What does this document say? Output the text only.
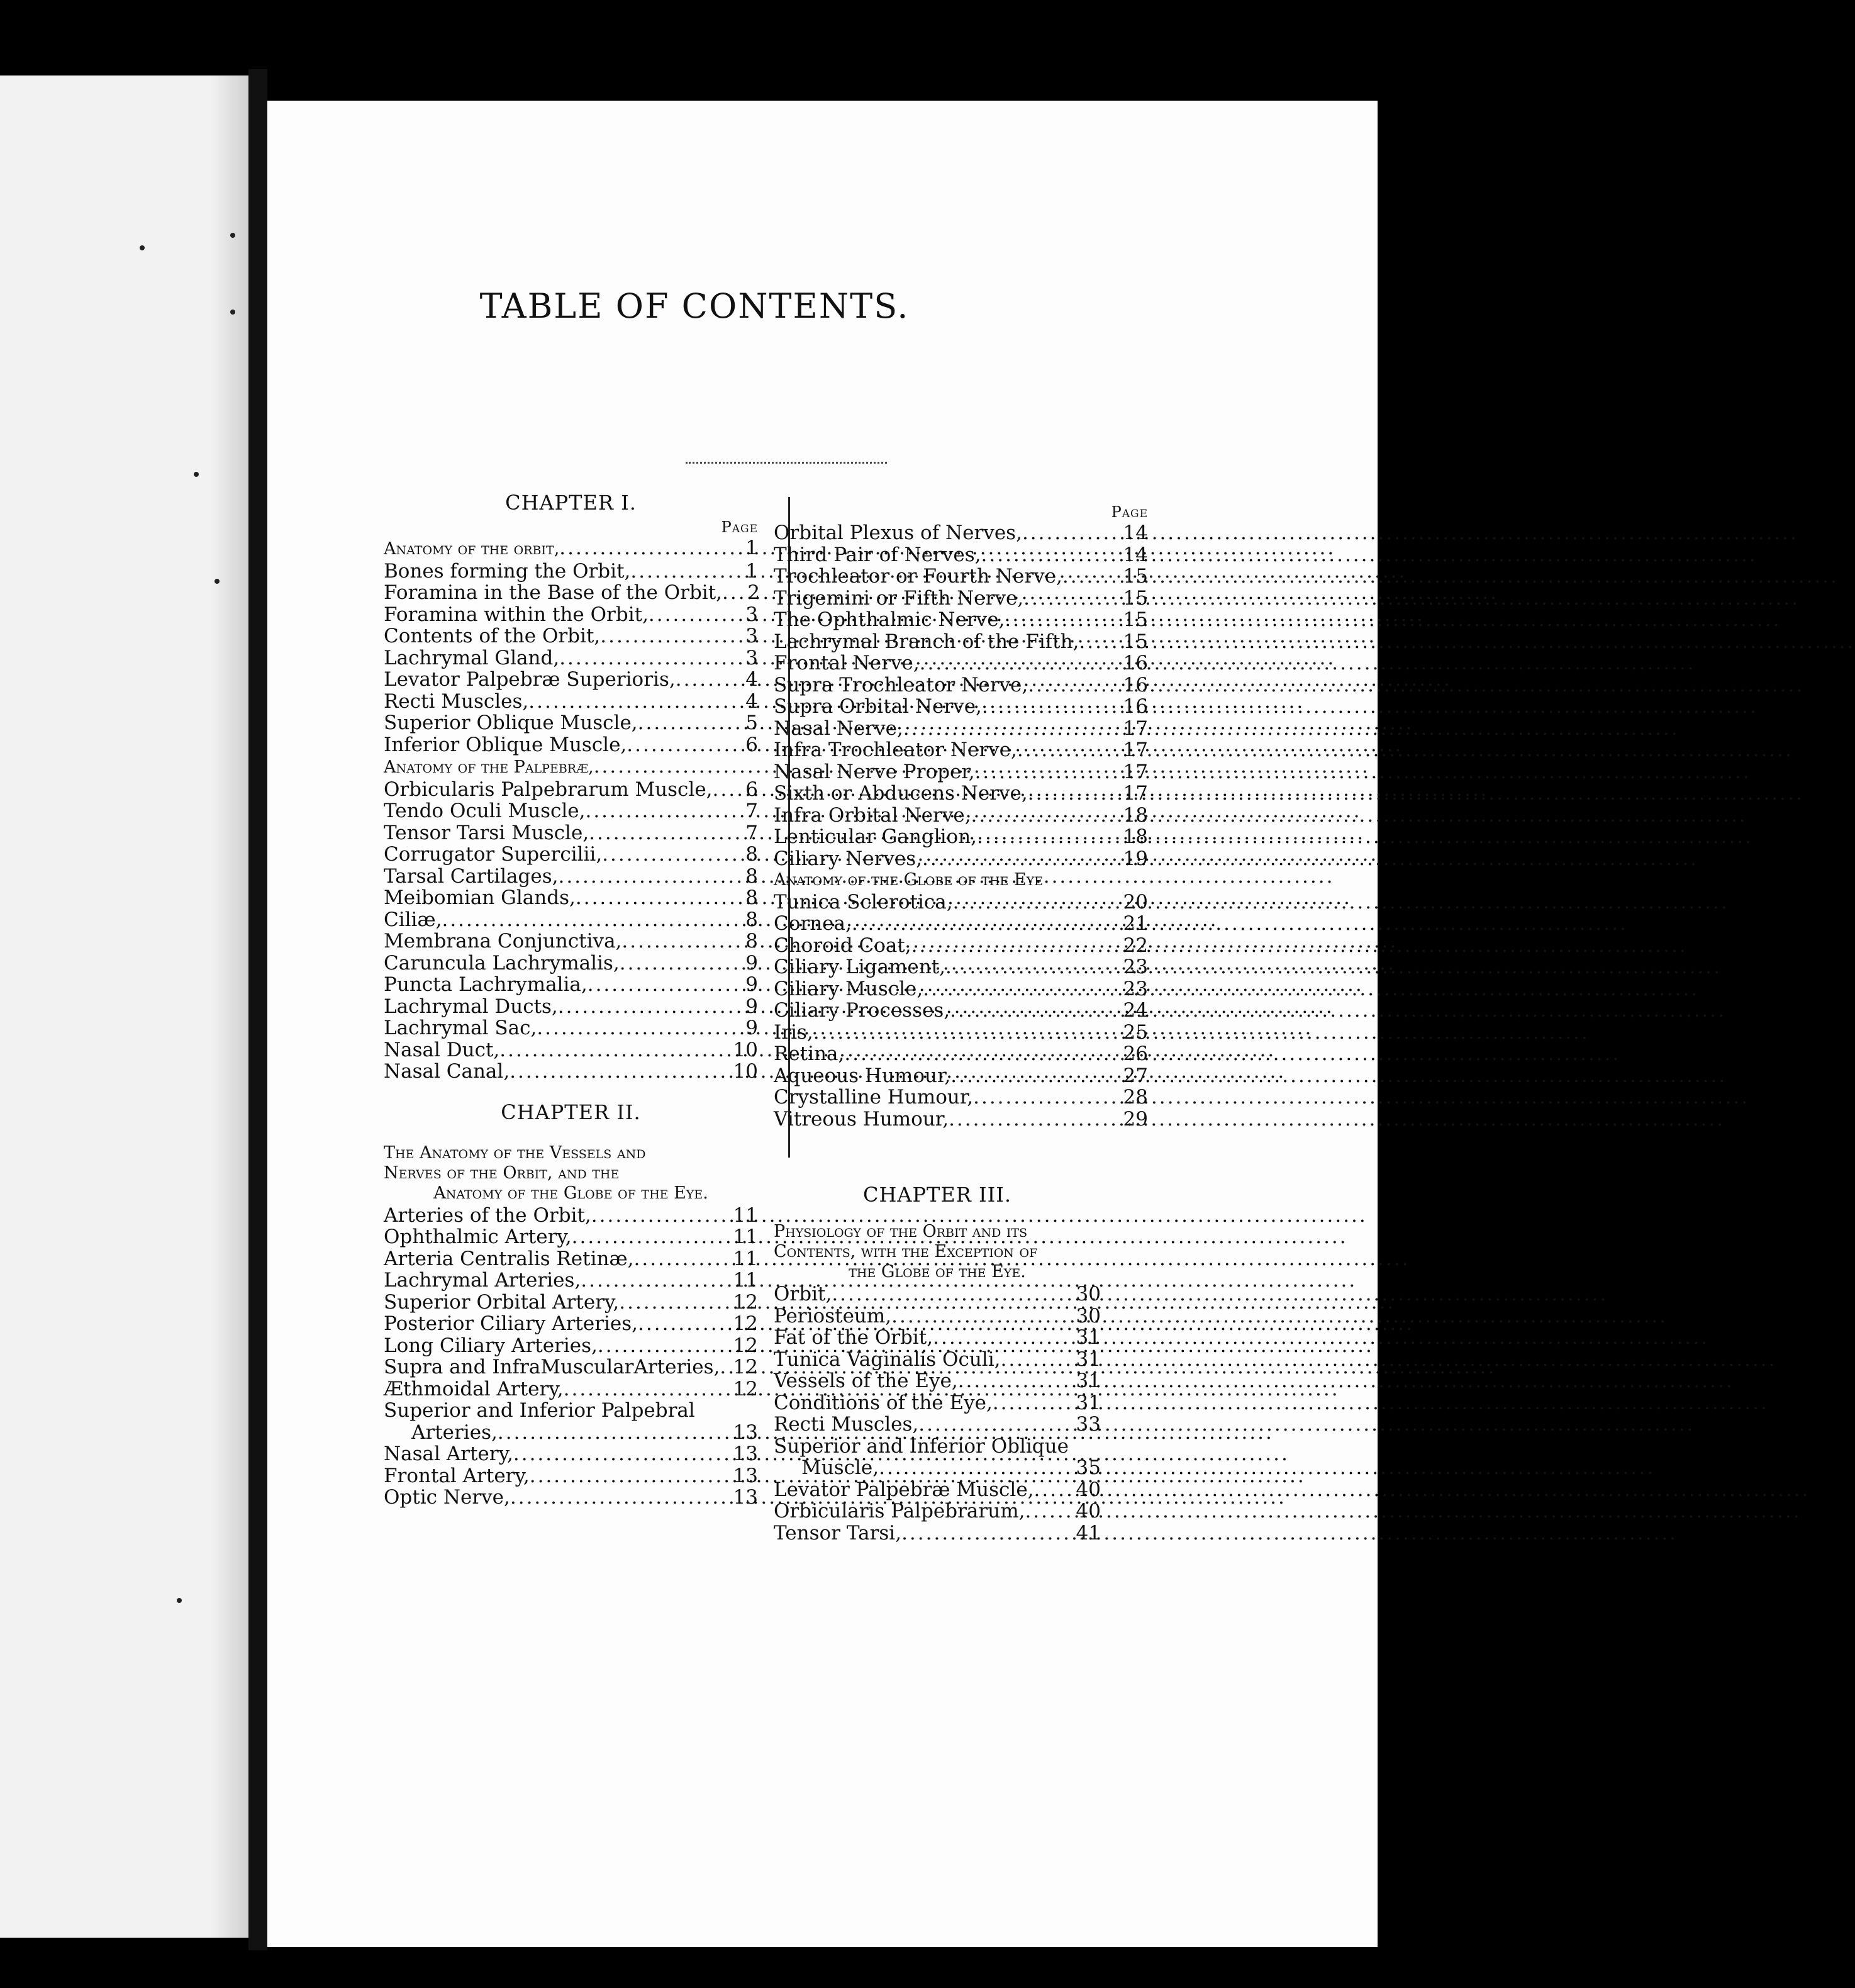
TABLE OF CONTENTS.
CHAPTER I.
Page
Anatomy of the orbit, .....	1
Bones forming the Orbit, .....	1
Foramina in the Base of the Orbit, .....	2
Foramina within the Orbit, .....	3
Contents of the Orbit, .....	3
Lachrymal Gland, .....	3
Levator Palpebræ Superioris, .....	4
Recti Muscles, .....	4
Superior Oblique Muscle, .....	5
Inferior Oblique Muscle, .....	6
Anatomy of the Palpebræ,
.....
Orbicularis Palpebrarum Muscle, .....	6
Tendo Oculi Muscle, .....	7
Tensor Tarsi Muscle, .....	7
Corrugator Supercilii, .....	8
Tarsal Cartilages, .....	8
Meibomian Glands, .....	8
Ciliæ, .....	8
Membrana Conjunctiva, .....	8
Caruncula Lachrymalis, .....	9
Puncta Lachrymalia, .....	9
Lachrymal Ducts, .....	9
Lachrymal Sac, .....	9
Nasal Duct, .....	10
Nasal Canal, .....	10
CHAPTER II.
The Anatomy of the Vessels and
Nerves of the Orbit, and the
Anatomy of the Globe of the Eye.
Arteries of the Orbit, .....	11
Ophthalmic Artery, .....	11
Arteria Centralis Retinæ, .....	11
Lachrymal Arteries, .....	11
Superior Orbital Artery, .....	12
Posterior Ciliary Arteries, .....	12
Long Ciliary Arteries, .....	12
Supra and InfraMuscularArteries, ..... 12
Æthmoidal Artery, .....	12
Superior and Inferior Palpebral
Arteries, .....	13
Nasal Artery, .....	13
Frontal Artery, .....	13
Optic Nerve, .....	13
Page
Orbital Plexus of Nerves, .....	14
Third Pair of Nerves, .....	14
Trochleator or Fourth Nerve, .....	15
Trigemini or Fifth Nerve, .....	15
The Ophthalmic Nerve, .....	15
Lachrymal Branch of the Fifth, ..... 15
Frontal Nerve, .....	16
Supra Trochleator Nerve, .....	16
Supra Orbital Nerve, .....	16
Nasal Nerve, .....	17
Infra Trochleator Nerve, .....	17
Nasal Nerve Proper, .....	17
Sixth or Abducens Nerve, .....	17
Infra Orbital Nerve, .....	18
Lenticular Ganglion, .....	18
Ciliary Nerves, .....	19
Anatomy of the Globe of the Eye
Tunica Sclerotica, .....	20
Cornea, .....	21
Choroid Coat, .....	22
Ciliary Ligament, .....	23
Ciliary Muscle, .....	23
Ciliary Processes, .....	24
Iris, .....	25
Retina, .....	26
Aqueous Humour, .....	27
Crystalline Humour, .....	28
Vitreous Humour, .....	29
CHAPTER III.
Physiology of the Orbit and its
Contents, with the Exception of
the Globe of the Eye.
Orbit, .....	30
Periosteum, .....	30
Fat of the Orbit, .....	31
Tunica Vaginalis Oculi, .....	31
Vessels of the Eye, .....	31
Conditions of the Eye, .....	31
Recti Muscles, .....	33
Superior and Inferior Oblique
Muscle, .....	35
Levator Palpebræ Muscle, ..... 40
Orbicularis Palpebrarum, .....	40
Tensor Tarsi, .....	41
